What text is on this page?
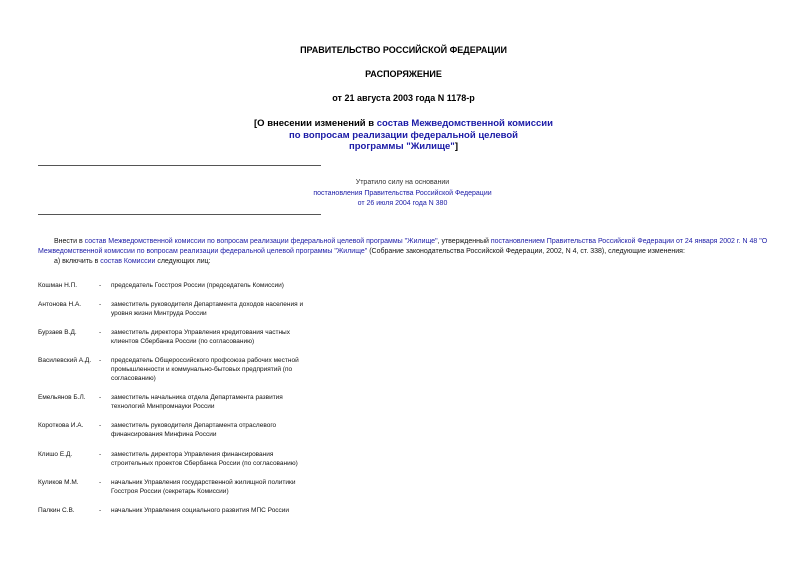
ПРАВИТЕЛЬСТВО РОССИЙСКОЙ ФЕДЕРАЦИИ
РАСПОРЯЖЕНИЕ
от 21 августа 2003 года N 1178-р
[О внесении изменений в состав Межведомственной комиссии
по вопросам реализации федеральной целевой
программы "Жилище"]
Утратило силу на основании
постановления Правительства Российской Федерации
от 26 июля 2004 года N 380
Внести в состав Межведомственной комиссии по вопросам реализации федеральной целевой программы "Жилище", утвержденный постановлением Правительства Российской Федерации от 24 января 2002 г. N 48 "О Межведомственной комиссии по вопросам реализации федеральной целевой программы "Жилище" (Собрание законодательства Российской Федерации, 2002, N 4, ст. 338), следующие изменения:
а) включить в состав Комиссии следующих лиц:
Кошман Н.П.	- председатель Госстроя России (председатель Комиссии)
Антонова Н.А.	- заместитель руководителя Департамента доходов населения и уровня жизни Минтруда России
Бурзаев В.Д.	- заместитель директора Управления кредитования частных клиентов Сбербанка России (по согласованию)
Василевский А.Д.	- председатель Общероссийского профсоюза рабочих местной промышленности и коммунально-бытовых предприятий (по согласованию)
Емельянов Б.Л.	- заместитель начальника отдела Департамента развития технологий Минпромнауки России
Короткова И.А.	- заместитель руководителя Департамента отраслевого финансирования Минфина России
Клишо Е.Д.	- заместитель директора Управления финансирования строительных проектов Сбербанка России (по согласованию)
Куликов М.М.	- начальник Управления государственной жилищной политики Госстроя России (секретарь Комиссии)
Палкин С.В.	- начальник Управления социального развития МПС России
